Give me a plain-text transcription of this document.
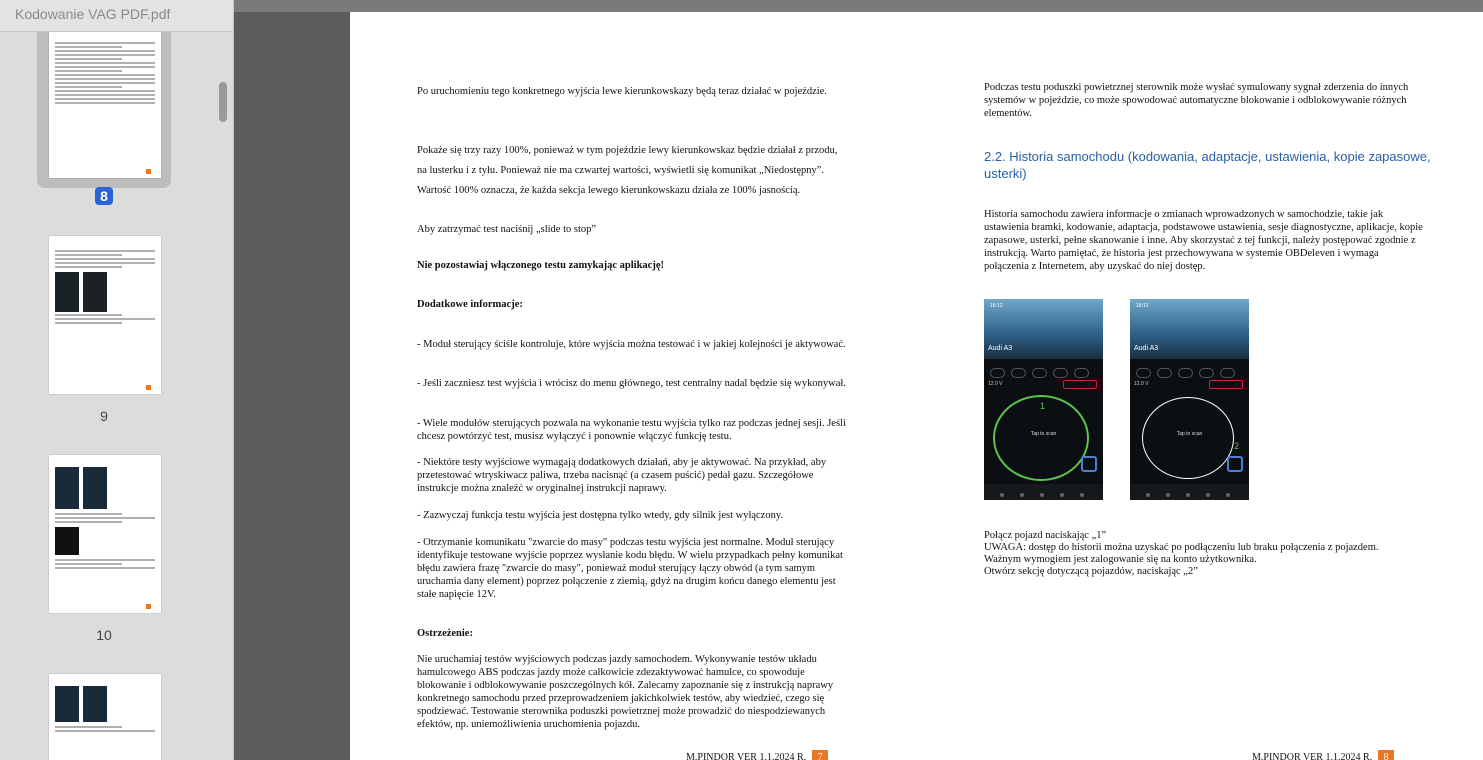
8
9
10
Kodowanie VAG PDF.pdf

Po uruchomieniu tego konkretnego wyjścia lewe kierunkowskazy będą teraz działać w pojeździe.

Pokaże się trzy razy 100%, ponieważ w tym pojeździe lewy kierunkowskaz będzie działał z przodu, na lusterku i z tyłu. Ponieważ nie ma czwartej wartości, wyświetli się komunikat „Niedostępny”. Wartość 100% oznacza, że każda sekcja lewego kierunkowskazu działa ze 100% jasnością.

Aby zatrzymać test naciśnij „slide to stop”

Nie pozostawiaj włączonego testu zamykając aplikację!

Dodatkowe informacje:

- Moduł sterujący ściśle kontroluje, które wyjścia można testować i w jakiej kolejności je aktywować.

- Jeśli zaczniesz test wyjścia i wrócisz do menu głównego, test centralny nadal będzie się wykonywał.

- Wiele modułów sterujących pozwala na wykonanie testu wyjścia tylko raz podczas jednej sesji. Jeśli chcesz powtórzyć test, musisz wyłączyć i ponownie włączyć funkcję testu.

- Niektóre testy wyjściowe wymagają dodatkowych działań, aby je aktywować. Na przykład, aby przetestować wtryskiwacz paliwa, trzeba nacisnąć (a czasem puścić) pedał gazu. Szczegółowe instrukcje można znaleźć w oryginalnej instrukcji naprawy.

- Zazwyczaj funkcja testu wyjścia jest dostępna tylko wtedy, gdy silnik jest wyłączony.

- Otrzymanie komunikatu "zwarcie do masy" podczas testu wyjścia jest normalne. Moduł sterujący identyfikuje testowane wyjście poprzez wysłanie kodu błędu. W wielu przypadkach pełny komunikat błędu zawiera frazę "zwarcie do masy", ponieważ moduł sterujący łączy obwód (a tym samym uruchamia dany element) poprzez połączenie z ziemią, gdyż na drugim końcu danego elementu jest stałe napięcie 12V.

Ostrzeżenie:

Nie uruchamiaj testów wyjściowych podczas jazdy samochodem. Wykonywanie testów układu hamulcowego ABS podczas jazdy może całkowicie zdezaktywować hamulce, co spowoduje blokowanie i odblokowywanie poszczególnych kół. Zalecamy zapoznanie się z instrukcją naprawy konkretnego samochodu przed przeprowadzeniem jakichkolwiek testów, aby wiedzieć, czego się spodziewać. Testowanie sterownika poduszki powietrznej może prowadzić do niespodziewanych efektów, np. uniemożliwienia uruchomienia pojazdu.

M.PINDOR VER 1.1.2024 R. 7

Podczas testu poduszki powietrznej sterownik może wysłać symulowany sygnał zderzenia do innych systemów w pojeździe, co może spowodować automatyczne blokowanie i odblokowywanie różnych elementów.

2.2. Historia samochodu (kodowania, adaptacje, ustawienia, kopie zapasowe, usterki)

Historia samochodu zawiera informacje o zmianach wprowadzonych w samochodzie, takie jak ustawienia bramki, kodowanie, adaptacja, podstawowe ustawienia, sesje diagnostyczne, aplikacje, kopie zapasowe, usterki, pełne skanowanie i inne. Aby skorzystać z tej funkcji, należy postępować zgodnie z instrukcją. Warto pamiętać, że historia jest przechowywana w systemie OBDeleven i wymaga połączenia z Internetem, aby uzyskać do niej dostęp.

18:12
Audi A3
12.0 V
1
Tap to scan
18:12
Audi A3
12.0 V
Tap to scan
2

Połącz pojazd naciskając „1”

UWAGA: dostęp do historii można uzyskać po podłączeniu lub braku połączenia z pojazdem.

Ważnym wymogiem jest zalogowanie się na konto użytkownika.

Otwórz sekcję dotyczącą pojazdów, naciskając „2”

M.PINDOR VER 1.1.2024 R. 8
